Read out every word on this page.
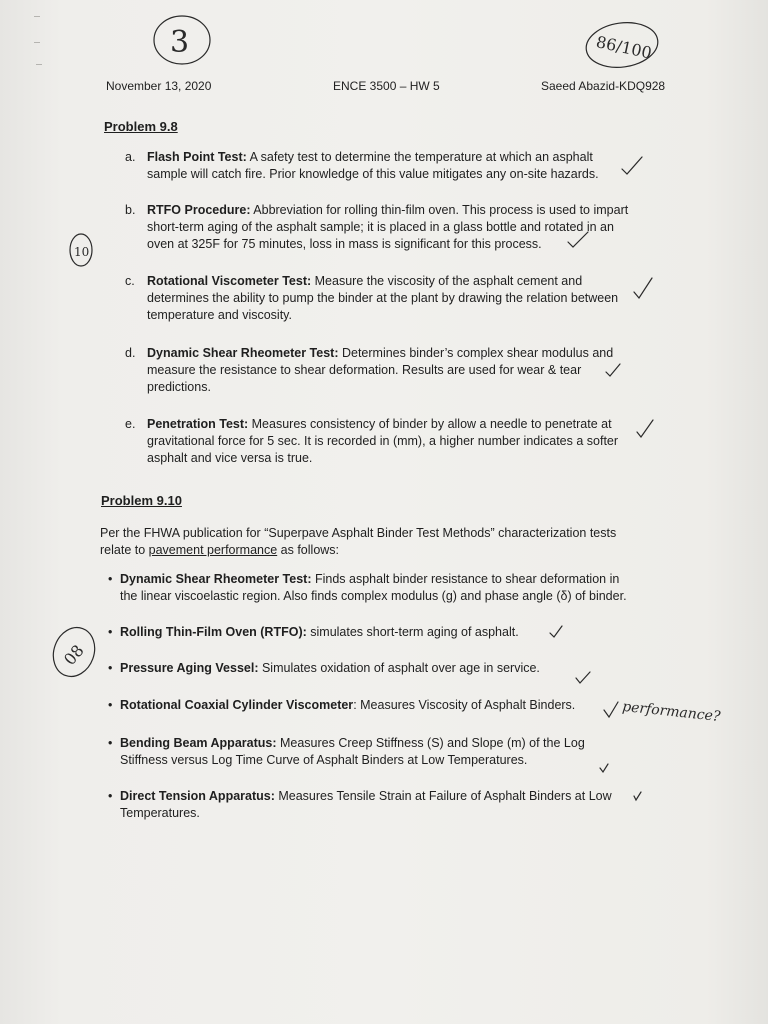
3	86/100
November 13, 2020	ENCE 3500 – HW 5	Saeed Abazid-KDQ928
Problem 9.8
10
a. Flash Point Test: A safety test to determine the temperature at which an asphalt
sample will catch fire. Prior knowledge of this value mitigates any on-site hazards.
b. RTFO Procedure: Abbreviation for rolling thin-film oven. This process is used to impart
short-term aging of the asphalt sample; it is placed in a glass bottle and rotated in an
oven at 325F for 75 minutes, loss in mass is significant for this process.
c. Rotational Viscometer Test: Measure the viscosity of the asphalt cement and
determines the ability to pump the binder at the plant by drawing the relation between
temperature and viscosity.
d. Dynamic Shear Rheometer Test: Determines binder’s complex shear modulus and
measure the resistance to shear deformation. Results are used for wear & tear
predictions.
e. Penetration Test: Measures consistency of binder by allow a needle to penetrate at
gravitational force for 5 sec. It is recorded in (mm), a higher number indicates a softer
asphalt and vice versa is true.
Problem 9.10
Per the FHWA publication for “Superpave Asphalt Binder Test Methods” characterization tests
relate to pavement performance as follows:
08
• Dynamic Shear Rheometer Test: Finds asphalt binder resistance to shear deformation in
the linear viscoelastic region. Also finds complex modulus (g) and phase angle (δ) of binder.
• Rolling Thin-Film Oven (RTFO): simulates short-term aging of asphalt.
• Pressure Aging Vessel: Simulates oxidation of asphalt over age in service.
• Rotational Coaxial Cylinder Viscometer: Measures Viscosity of Asphalt Binders.
• Bending Beam Apparatus: Measures Creep Stiffness (S) and Slope (m) of the Log
Stiffness versus Log Time Curve of Asphalt Binders at Low Temperatures.
• Direct Tension Apparatus: Measures Tensile Strain at Failure of Asphalt Binders at Low
Temperatures.
performance?
